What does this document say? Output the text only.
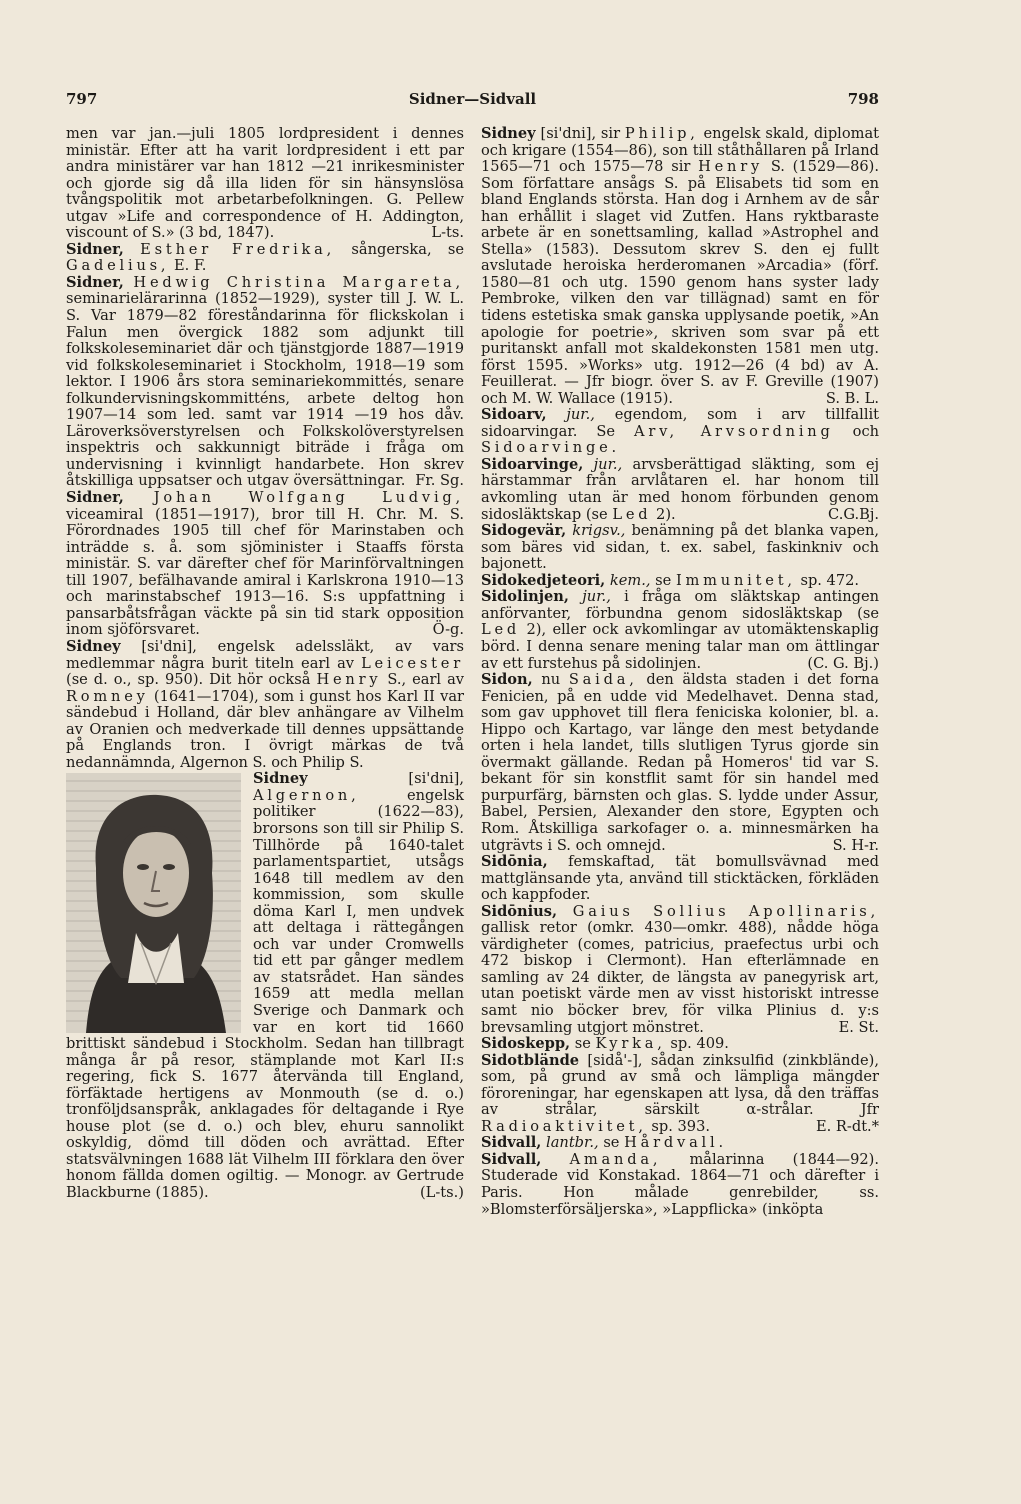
797	Sidner—Sidvall	798

men var jan.—juli 1805 lordpresident i dennes ministär. Efter att ha varit lordpresident i ett par andra ministärer var han 1812 —21 inrikesminister och gjorde sig då illa liden för sin hänsynslösa tvångspolitik mot arbetarbefolkningen. G. Pellew utgav »Life and correspondence of H. Addington, viscount of S.» (3 bd, 1847).	L-ts.

Sidner, Esther Fredrika, sångerska, se Gadelius, E. F.

Sidner, Hedwig Christina Margareta, seminarielärarinna (1852—1929), syster till J. W. L. S. Var 1879—82 föreståndarinna för flickskolan i Falun men övergick 1882 som adjunkt till folkskoleseminariet där och tjänstgjorde 1887—1919 vid folkskoleseminariet i Stockholm, 1918—19 som lektor. I 1906 års stora seminariekommittés, senare folkundervisningskommitténs, arbete deltog hon 1907—14 som led. samt var 1914 —19 hos dåv. Läroverksöverstyrelsen och Folkskolöverstyrelsen inspektris och sakkunnigt biträde i fråga om undervisning i kvinnligt handarbete. Hon skrev åtskilliga uppsatser och utgav översättningar. Fr. Sg.

Sidner, Johan Wolfgang Ludvig, viceamiral (1851—1917), bror till H. Chr. M. S. Förordnades 1905 till chef för Marinstaben och inträdde s. å. som sjöminister i Staaffs första ministär. S. var därefter chef för Marinförvaltningen till 1907, befälhavande amiral i Karlskrona 1910—13 och marinstabschef 1913—16. S:s uppfattning i pansarbåtsfrågan väckte på sin tid stark opposition inom sjöförsvaret.	Ö-g.

Sidney [si'dni], engelsk adelssläkt, av vars medlemmar några burit titeln earl av Leicester (se d. o., sp. 950). Dit hör också Henry S., earl av Romney (1641—1704), som i gunst hos Karl II var sändebud i Holland, där blev anhängare av Vilhelm av Oranien och medverkade till dennes uppsättande på Englands tron. I övrigt märkas de två nedannämnda, Algernon S. och Philip S.

Sidney	[si'dni], Algernon,	engelsk politiker (1622—83), brorsons son till sir Philip S. Tillhörde på 1640-talet parlamentspartiet, utsågs 1648 till medlem av den kommission, som skulle döma Karl I, men undvek att deltaga i rättegången och var under Cromwells tid ett par gånger medlem av statsrådet. Han sändes 1659 att medla mellan Sverige och Danmark och var en kort tid 1660 brittiskt sändebud i Stockholm. Sedan han tillbragt många år på resor, stämplande mot Karl II:s regering, fick S. 1677 återvända till England, förfäktade hertigens av Monmouth (se d. o.) tronföljdsanspråk, anklagades för deltagande i Rye house plot (se d. o.) och blev, ehuru sannolikt oskyldig, dömd till döden och avrättad. Efter statsvälvningen 1688 lät Vilhelm III förklara den över honom fällda domen ogiltig. — Monogr. av Gertrude Blackburne (1885).	(L-ts.)

Sidney [si'dni], sir Philip, engelsk skald, diplomat och krigare (1554—86), son till ståthållaren på Irland 1565—71 och 1575—78 sir Henry S. (1529—86). Som författare ansågs S. på Elisabets tid som en bland Englands största. Han dog i Arnhem av de sår han erhållit i slaget vid Zutfen. Hans ryktbaraste arbete är en sonettsamling, kallad »Astrophel and Stella» (1583). Dessutom skrev S. den ej fullt avslutade heroiska herderomanen »Arcadia» (förf. 1580—81 och utg. 1590 genom hans syster lady Pembroke, vilken den var tillägnad) samt en för tidens estetiska smak ganska upplysande poetik, »An apologie for poetrie», skriven som svar på ett puritanskt anfall mot skaldekonsten 1581 men utg. först 1595. »Works» utg. 1912—26 (4 bd) av A. Feuillerat. — Jfr biogr. över S. av F. Greville (1907) och M. W. Wallace (1915).	S. B. L.

Sidoarv, jur., egendom, som i arv tillfallit sidoarvingar. Se Arv, Arvsordning och Sidoarvinge.

Sidoarvinge, jur., arvsberättigad släkting, som ej härstammar från arvlåtaren el. har honom till avkomling utan är med honom förbunden genom sidosläktskap (se Led 2).	C.G.Bj.

Sidogevär, krigsv., benämning på det blanka vapen, som bäres vid sidan, t. ex. sabel, faskinkniv och bajonett.

Sidokedjeteori, kem., se Immunitet, sp. 472.

Sidolinjen, jur., i fråga om släktskap antingen anförvanter, förbundna genom sidosläktskap (se Led 2), eller ock avkomlingar av utomäktenskaplig börd. I denna senare mening talar man om ättlingar av ett furstehus på sidolinjen.	(C. G. Bj.)

Sidon, nu Saida, den äldsta staden i det forna Fenicien, på en udde vid Medelhavet. Denna stad, som gav upphovet till flera feniciska kolonier, bl. a. Hippo och Kartago, var länge den mest betydande orten i hela landet, tills slutligen Tyrus gjorde sin övermakt gällande. Redan på Homeros' tid var S. bekant för sin konstflit samt för sin handel med purpurfärg, bärnsten och glas. S. lydde under Assur, Babel, Persien, Alexander den store, Egypten och Rom. Åtskilliga sarkofager o. a. minnesmärken ha utgrävts i S. och omnejd.	S. H-r.

Sidōnia, femskaftad, tät bomullsvävnad med mattglänsande yta, använd till sticktäcken, förkläden och kappfoder.

Sidōnius, Gaius Sollius Apollinaris, gallisk retor (omkr. 430—omkr. 488), nådde höga värdigheter (comes, patricius, praefectus urbi och 472 biskop i Clermont). Han efterlämnade en samling av 24 dikter, de längsta av panegyrisk art, utan poetiskt värde men av visst historiskt intresse samt nio böcker brev, för vilka Plinius d. y:s brevsamling utgjort mönstret.	E. St.

Sidoskepp, se Kyrka, sp. 409.

Sidotblände [sidå'-], sådan zinksulfid (zinkblände), som, på grund av små och lämpliga mängder föroreningar, har egenskapen att lysa, då den träffas av strålar, särskilt α-strålar. Jfr Radioaktivitet, sp. 393.	E. R-dt.*

Sidvall, lantbr., se Hårdvall.

Sidvall, Amanda, målarinna (1844—92). Studerade vid Konstakad. 1864—71 och därefter i Paris. Hon målade genrebilder, ss. »Blomsterförsäljerska», »Lappflicka» (inköpta
